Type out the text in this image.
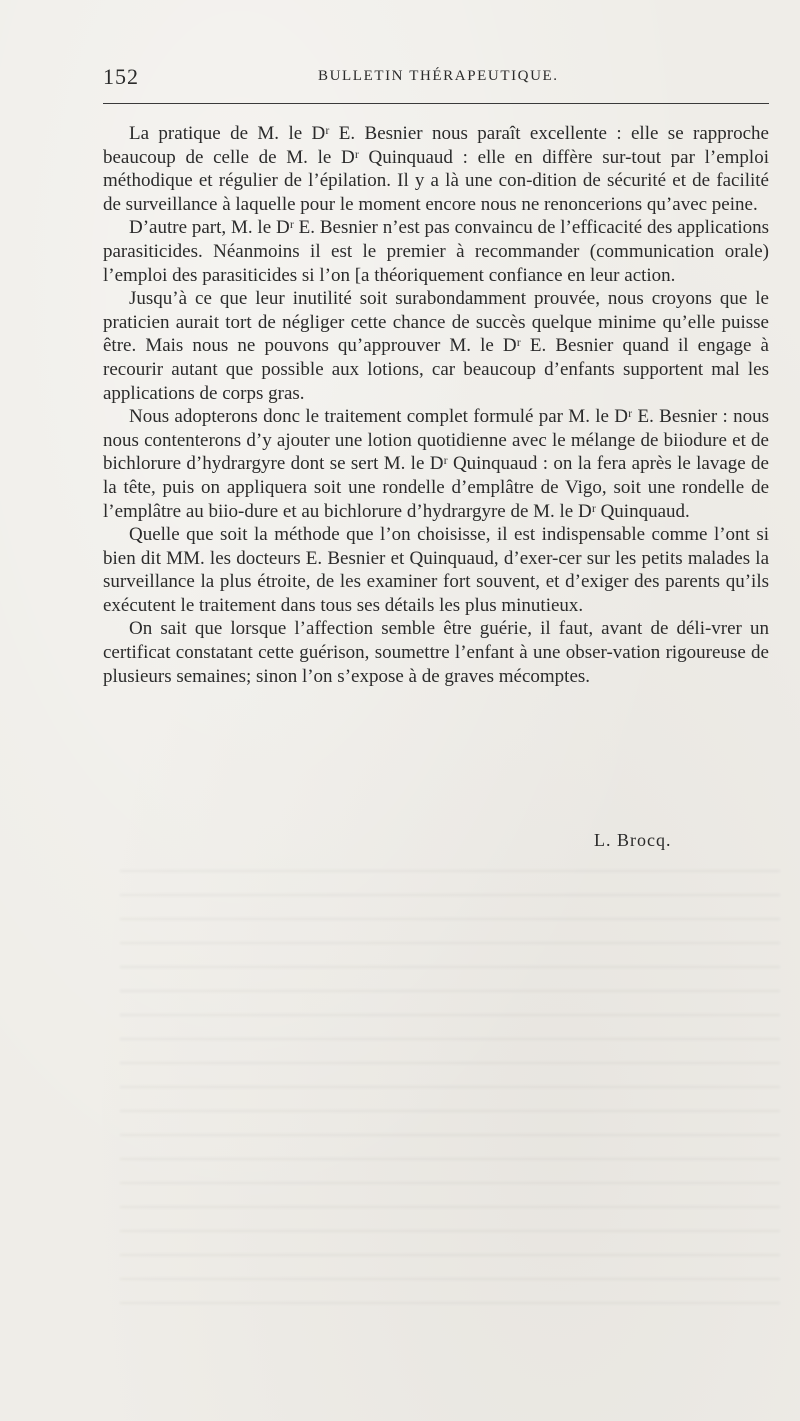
152	BULLETIN THÉRAPEUTIQUE.

La pratique de M. le Dʳ E. Besnier nous paraît excellente : elle se rapproche beaucoup de celle de M. le Dʳ Quinquaud : elle en diffère sur-tout par l’emploi méthodique et régulier de l’épilation. Il y a là une con-dition de sécurité et de facilité de surveillance à laquelle pour le moment encore nous ne renoncerions qu’avec peine.

D’autre part, M. le Dʳ E. Besnier n’est pas convaincu de l’efficacité des applications parasiticides. Néanmoins il est le premier à recommander (communication orale) l’emploi des parasiticides si l’on [a théoriquement confiance en leur action.

Jusqu’à ce que leur inutilité soit surabondamment prouvée, nous croyons que le praticien aurait tort de négliger cette chance de succès quelque minime qu’elle puisse être. Mais nous ne pouvons qu’approuver M. le Dʳ E. Besnier quand il engage à recourir autant que possible aux lotions, car beaucoup d’enfants supportent mal les applications de corps gras.

Nous adopterons donc le traitement complet formulé par M. le Dʳ E. Besnier : nous nous contenterons d’y ajouter une lotion quotidienne avec le mélange de biiodure et de bichlorure d’hydrargyre dont se sert M. le Dʳ Quinquaud : on la fera après le lavage de la tête, puis on appliquera soit une rondelle d’emplâtre de Vigo, soit une rondelle de l’emplâtre au biio-dure et au bichlorure d’hydrargyre de M. le Dʳ Quinquaud.

Quelle que soit la méthode que l’on choisisse, il est indispensable comme l’ont si bien dit MM. les docteurs E. Besnier et Quinquaud, d’exer-cer sur les petits malades la surveillance la plus étroite, de les examiner fort souvent, et d’exiger des parents qu’ils exécutent le traitement dans tous ses détails les plus minutieux.

On sait que lorsque l’affection semble être guérie, il faut, avant de déli-vrer un certificat constatant cette guérison, soumettre l’enfant à une obser-vation rigoureuse de plusieurs semaines; sinon l’on s’expose à de graves mécomptes.

L. Brocq.
